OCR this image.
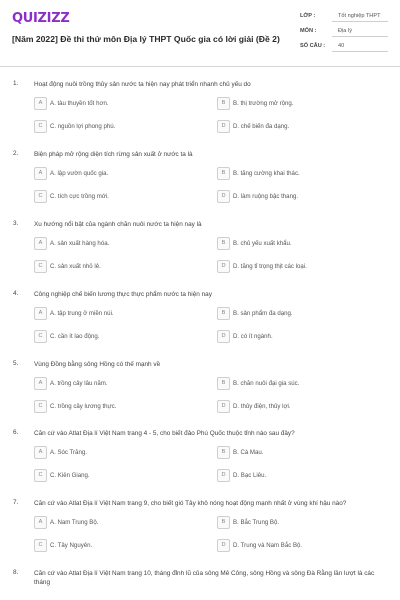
QUIZIZZ
[Năm 2022] Đề thi thử môn Địa lý THPT Quốc gia có lời giải (Đề 2)
LỚP :	Tốt nghiệp THPT
MÔN :	Địa lý
SỐ CÂU :	40
1. Hoạt động nuôi trồng thủy sản nước ta hiện nay phát triển nhanh chủ yếu do
A	A. tàu thuyền tốt hơn.	B	B. thị trường mở rộng.
C	C. nguồn lợi phong phú.	D	D. chế biến đa dạng.
2. Biện pháp mở rộng diện tích rừng sản xuất ở nước ta là
A	A. lập vườn quốc gia.	B	B. tăng cường khai thác.
C	C. tích cực trồng mới.	D	D. làm ruộng bậc thang.
3. Xu hướng nổi bật của ngành chăn nuôi nước ta hiện nay là
A	A. sản xuất hàng hóa.	B	B. chủ yếu xuất khẩu.
C	C. sản xuất nhỏ lẻ.	D	D. tăng tỉ trọng thịt các loại.
4. Công nghiệp chế biến lương thực thực phẩm nước ta hiện nay
A	A. tập trung ở miền núi.	B	B. sản phẩm đa dạng.
C	C. cần ít lao động.	D	D. có ít ngành.
5. Vùng Đồng bằng sông Hồng có thế mạnh về
A	A. trồng cây lâu năm.	B	B. chăn nuôi đại gia súc.
C	C. trồng cây lương thực.	D	D. thủy điện, thủy lợi.
6. Căn cứ vào Atlat Địa lí Việt Nam trang 4 - 5, cho biết đảo Phú Quốc thuộc tỉnh nào sau đây?
A	A. Sóc Trăng.	B	B. Cà Mau.
C	C. Kiên Giang.	D	D. Bạc Liêu.
7. Căn cứ vào Atlat Địa lí Việt Nam trang 9, cho biết gió Tây khô nóng hoạt động mạnh nhất ở vùng khí hậu nào?
A	A. Nam Trung Bộ.	B	B. Bắc Trung Bộ.
C	C. Tây Nguyên.	D	D. Trung và Nam Bắc Bộ.
8. Căn cứ vào Atlat Địa lí Việt Nam trang 10, tháng đỉnh lũ của sông Mê Công, sông Hồng và sông Đà Rằng lần lượt là các tháng
